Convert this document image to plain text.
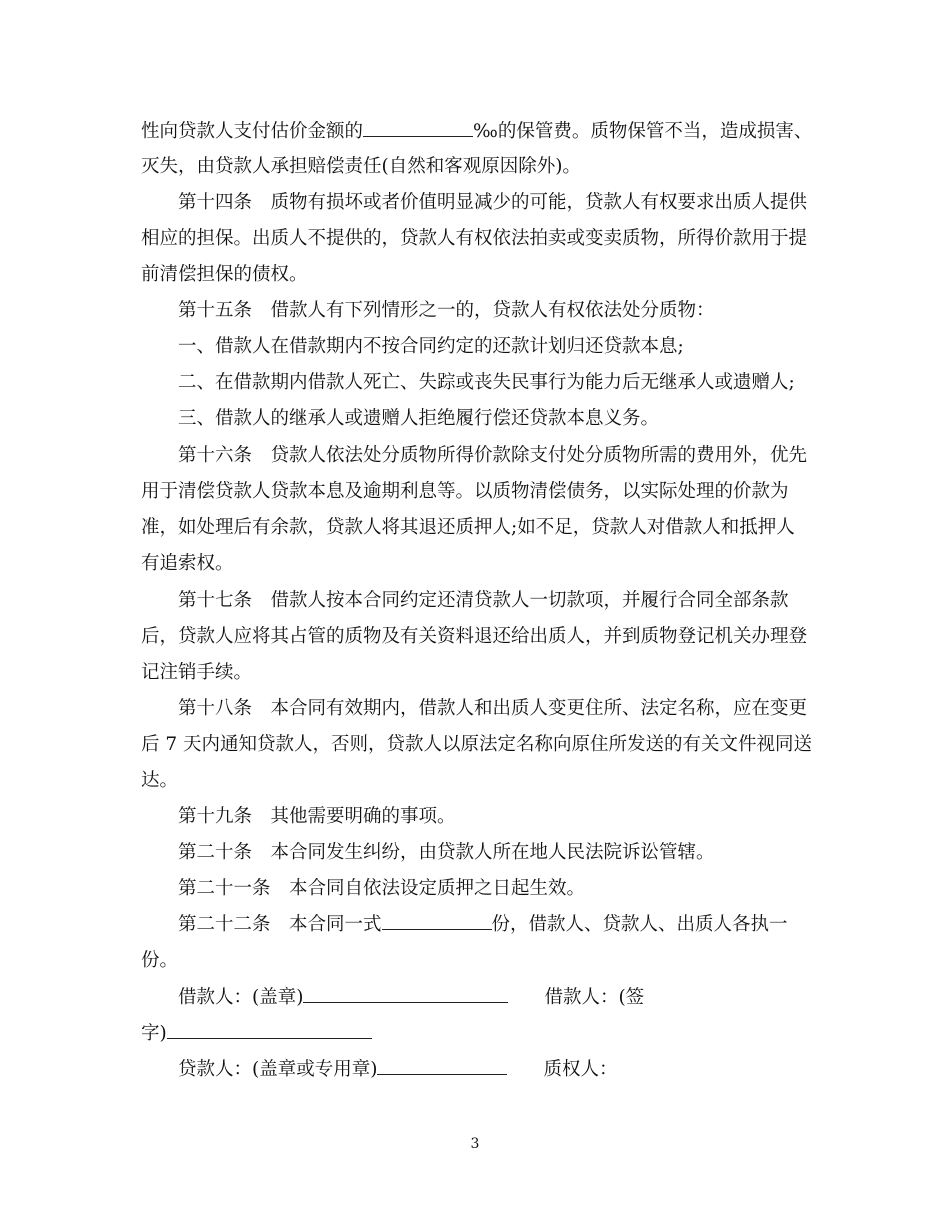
性向贷款人支付估价金额的	‰的保管费。质物保管不当，造成损害、
灭失，由贷款人承担赔偿责任(自然和客观原因除外)。
第十四条　质物有损坏或者价值明显减少的可能，贷款人有权要求出质人提供
相应的担保。出质人不提供的，贷款人有权依法拍卖或变卖质物，所得价款用于提
前清偿担保的债权。
第十五条　借款人有下列情形之一的，贷款人有权依法处分质物：
一、借款人在借款期内不按合同约定的还款计划归还贷款本息;
二、在借款期内借款人死亡、失踪或丧失民事行为能力后无继承人或遗赠人;
三、借款人的继承人或遗赠人拒绝履行偿还贷款本息义务。
第十六条　贷款人依法处分质物所得价款除支付处分质物所需的费用外，优先
用于清偿贷款人贷款本息及逾期利息等。以质物清偿债务，以实际处理的价款为
准，如处理后有余款，贷款人将其退还质押人;如不足，贷款人对借款人和抵押人
有追索权。
第十七条　借款人按本合同约定还清贷款人一切款项，并履行合同全部条款
后，贷款人应将其占管的质物及有关资料退还给出质人，并到质物登记机关办理登
记注销手续。
第十八条　本合同有效期内，借款人和出质人变更住所、法定名称，应在变更
后 7 天内通知贷款人，否则，贷款人以原法定名称向原住所发送的有关文件视同送
达。
第十九条　其他需要明确的事项。
第二十条　本合同发生纠纷，由贷款人所在地人民法院诉讼管辖。
第二十一条　本合同自依法设定质押之日起生效。
第二十二条　本合同一式	份，借款人、贷款人、出质人各执一
份。
借款人：(盖章)	借款人：(签
字)
贷款人：(盖章或专用章)	质权人：
3
